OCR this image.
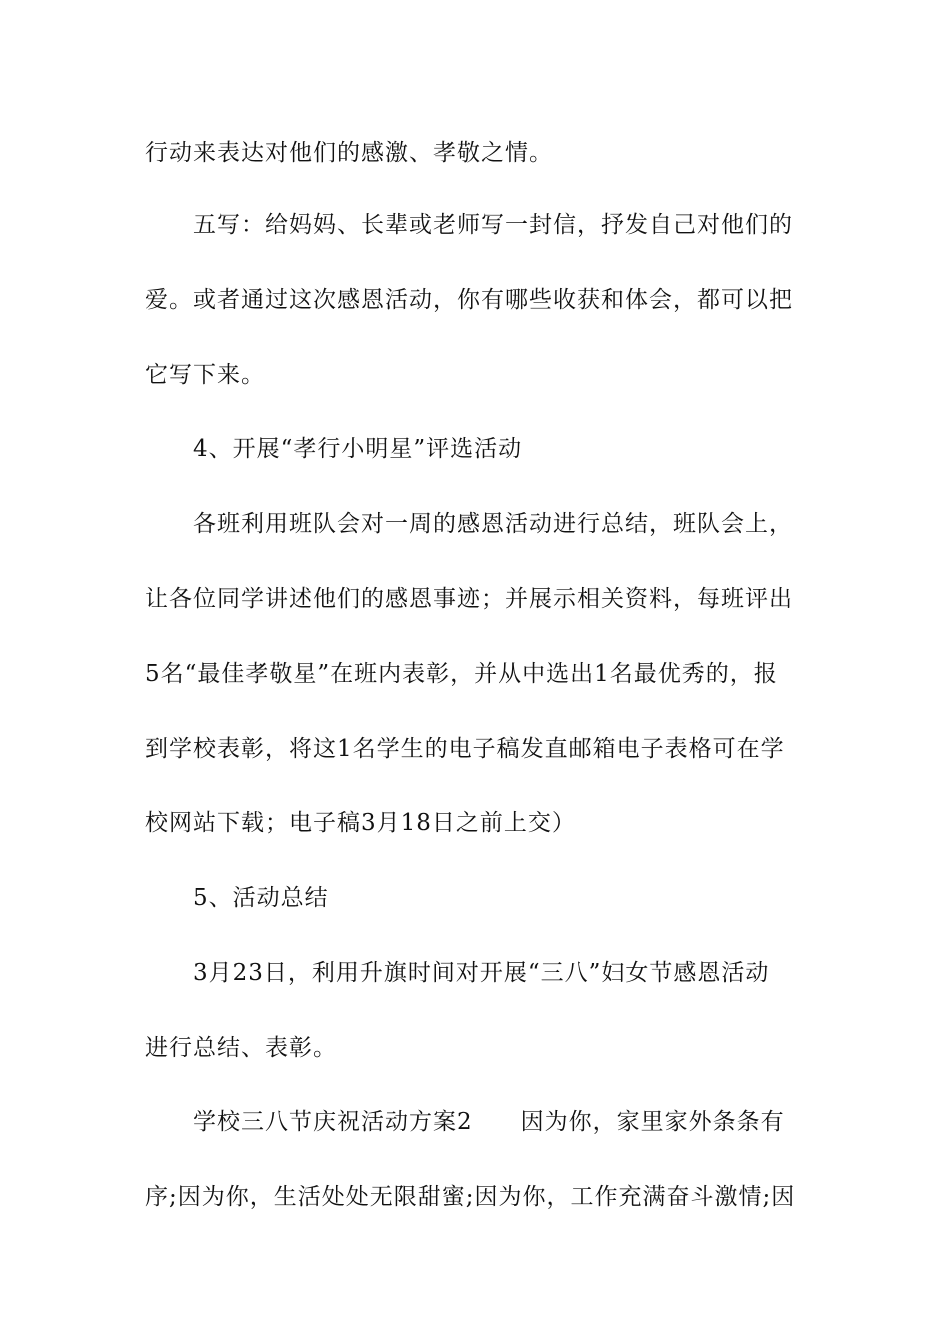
行动来表达对他们的感激、孝敬之情。
五写：给妈妈、长辈或老师写一封信，抒发自己对他们的
爱。或者通过这次感恩活动，你有哪些收获和体会，都可以把
它写下来。
4、开展“孝行小明星”评选活动
各班利用班队会对一周的感恩活动进行总结，班队会上，
让各位同学讲述他们的感恩事迹；并展示相关资料，每班评出
5名“最佳孝敬星”在班内表彰，并从中选出1名最优秀的，报
到学校表彰，将这1名学生的电子稿发直邮箱电子表格可在学
校网站下载；电子稿3月18日之前上交）
5、活动总结
3月23日，利用升旗时间对开展“三八”妇女节感恩活动
进行总结、表彰。
学校三八节庆祝活动方案2 因为你，家里家外条条有
序;因为你，生活处处无限甜蜜;因为你，工作充满奋斗激情;因
